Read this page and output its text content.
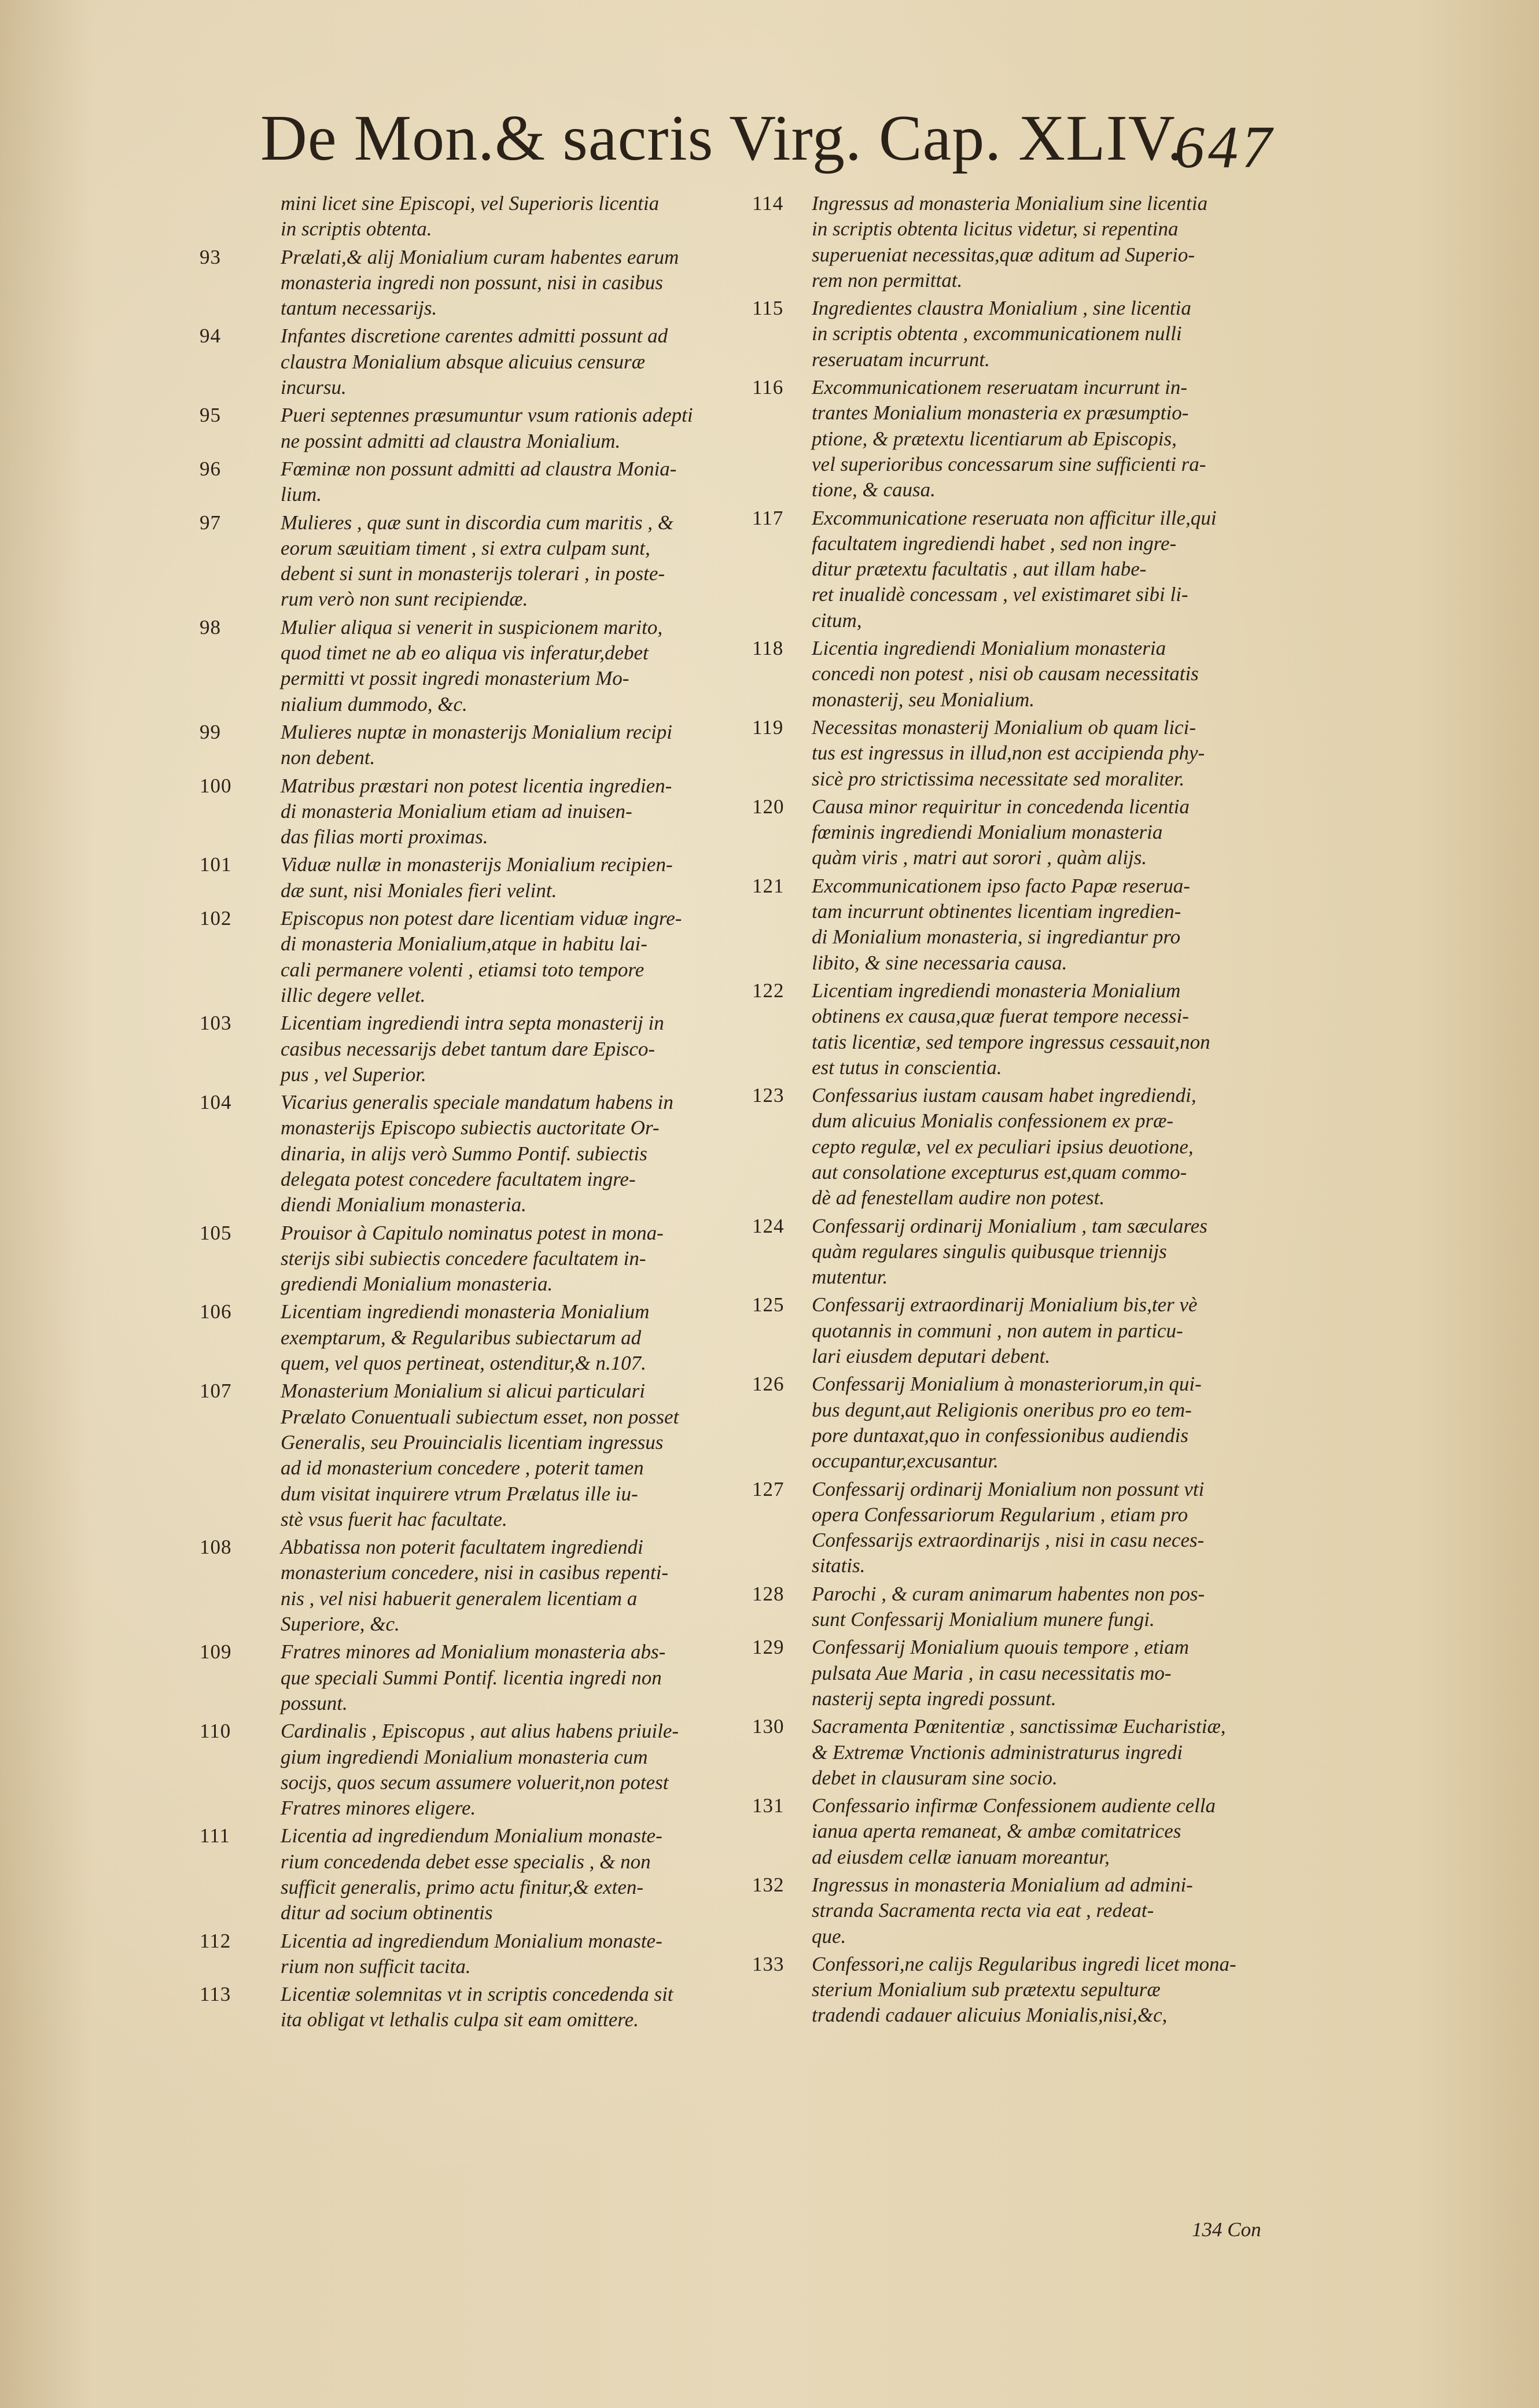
De Mon.& sacris Virg. Cap. XLIV.
647
mini licet sine Episcopi, vel Superioris licentia
in scriptis obtenta.
93	Prælati,& alij Monialium curam habentes earum
monasteria ingredi non possunt, nisi in casibus
tantum necessarijs.
94	Infantes discretione carentes admitti possunt ad
claustra Monialium absque alicuius censuræ
incursu.
95	Pueri septennes præsumuntur vsum rationis adepti
ne possint admitti ad claustra Monialium.
96	Fœminæ non possunt admitti ad claustra Monia-
lium.
97	Mulieres , quæ sunt in discordia cum maritis , &
eorum sæuitiam timent , si extra culpam sunt,
debent si sunt in monasterijs tolerari , in poste-
rum verò non sunt recipiendæ.
98	Mulier aliqua si venerit in suspicionem marito,
quod timet ne ab eo aliqua vis inferatur,debet
permitti vt possit ingredi monasterium Mo-
nialium dummodo, &c.
99	Mulieres nuptæ in monasterijs Monialium recipi
non debent.
100	Matribus præstari non potest licentia ingredien-
di monasteria Monialium etiam ad inuisen-
das filias morti proximas.
101	Viduæ nullæ in monasterijs Monialium recipien-
dæ sunt, nisi Moniales fieri velint.
102	Episcopus non potest dare licentiam viduæ ingre-
di monasteria Monialium,atque in habitu lai-
cali permanere volenti , etiamsi toto tempore
illic degere vellet.
103	Licentiam ingrediendi intra septa monasterij in
casibus necessarijs debet tantum dare Episco-
pus , vel Superior.
104	Vicarius generalis speciale mandatum habens in
monasterijs Episcopo subiectis auctoritate Or-
dinaria, in alijs verò Summo Pontif. subiectis
delegata potest concedere facultatem ingre-
diendi Monialium monasteria.
105	Prouisor à Capitulo nominatus potest in mona-
sterijs sibi subiectis concedere facultatem in-
grediendi Monialium monasteria.
106	Licentiam ingrediendi monasteria Monialium
exemptarum, & Regularibus subiectarum ad
quem, vel quos pertineat, ostenditur,& n.107.
107	Monasterium Monialium si alicui particulari
Prælato Conuentuali subiectum esset, non posset
Generalis, seu Prouincialis licentiam ingressus
ad id monasterium concedere , poterit tamen
dum visitat inquirere vtrum Prælatus ille iu-
stè vsus fuerit hac facultate.
108	Abbatissa non poterit facultatem ingrediendi
monasterium concedere, nisi in casibus repenti-
nis , vel nisi habuerit generalem licentiam a
Superiore, &c.
109	Fratres minores ad Monialium monasteria abs-
que speciali Summi Pontif. licentia ingredi non
possunt.
110	Cardinalis , Episcopus , aut alius habens priuile-
gium ingrediendi Monialium monasteria cum
socijs, quos secum assumere voluerit,non potest
Fratres minores eligere.
111	Licentia ad ingrediendum Monialium monaste-
rium concedenda debet esse specialis , & non
sufficit generalis, primo actu finitur,& exten-
ditur ad socium obtinentis
112	Licentia ad ingrediendum Monialium monaste-
rium non sufficit tacita.
113	Licentiæ solemnitas vt in scriptis concedenda sit
ita obligat vt lethalis culpa sit eam omittere.
114	Ingressus ad monasteria Monialium sine licentia
in scriptis obtenta licitus videtur, si repentina
superueniat necessitas,quæ aditum ad Superio-
rem non permittat.
115	Ingredientes claustra Monialium , sine licentia
in scriptis obtenta , excommunicationem nulli
reseruatam incurrunt.
116	Excommunicationem reseruatam incurrunt in-
trantes Monialium monasteria ex præsumptio-
ptione, & prætextu licentiarum ab Episcopis,
vel superioribus concessarum sine sufficienti ra-
tione, & causa.
117	Excommunicatione reseruata non afficitur ille,qui
facultatem ingrediendi habet , sed non ingre-
ditur prætextu facultatis , aut illam habe-
ret inualidè concessam , vel existimaret sibi li-
citum,
118	Licentia ingrediendi Monialium monasteria
concedi non potest , nisi ob causam necessitatis
monasterij, seu Monialium.
119	Necessitas monasterij Monialium ob quam lici-
tus est ingressus in illud,non est accipienda phy-
sicè pro strictissima necessitate sed moraliter.
120	Causa minor requiritur in concedenda licentia
fœminis ingrediendi Monialium monasteria
quàm viris , matri aut sorori , quàm alijs.
121	Excommunicationem ipso facto Papæ reserua-
tam incurrunt obtinentes licentiam ingredien-
di Monialium monasteria, si ingrediantur pro
libito, & sine necessaria causa.
122	Licentiam ingrediendi monasteria Monialium
obtinens ex causa,quæ fuerat tempore necessi-
tatis licentiæ, sed tempore ingressus cessauit,non
est tutus in conscientia.
123	Confessarius iustam causam habet ingrediendi,
dum alicuius Monialis confessionem ex præ-
cepto regulæ, vel ex peculiari ipsius deuotione,
aut consolatione excepturus est,quam commo-
dè ad fenestellam audire non potest.
124	Confessarij ordinarij Monialium , tam sæculares
quàm regulares singulis quibusque triennijs
mutentur.
125	Confessarij extraordinarij Monialium bis,ter vè
quotannis in communi , non autem in particu-
lari eiusdem deputari debent.
126	Confessarij Monialium à monasteriorum,in qui-
bus degunt,aut Religionis oneribus pro eo tem-
pore duntaxat,quo in confessionibus audiendis
occupantur,excusantur.
127	Confessarij ordinarij Monialium non possunt vti
opera Confessariorum Regularium , etiam pro
Confessarijs extraordinarijs , nisi in casu neces-
sitatis.
128	Parochi , & curam animarum habentes non pos-
sunt Confessarij Monialium munere fungi.
129	Confessarij Monialium quouis tempore , etiam
pulsata Aue Maria , in casu necessitatis mo-
nasterij septa ingredi possunt.
130	Sacramenta Pœnitentiæ , sanctissimæ Eucharistiæ,
& Extremæ Vnctionis administraturus ingredi
debet in clausuram sine socio.
131	Confessario infirmæ Confessionem audiente cella
ianua aperta remaneat, & ambæ comitatrices
ad eiusdem cellæ ianuam moreantur,
132	Ingressus in monasteria Monialium ad admini-
stranda Sacramenta recta via eat , redeat-
que.
133	Confessori,ne calijs Regularibus ingredi licet mona-
sterium Monialium sub prætextu sepulturæ
tradendi cadauer alicuius Monialis,nisi,&c,
134 Con
